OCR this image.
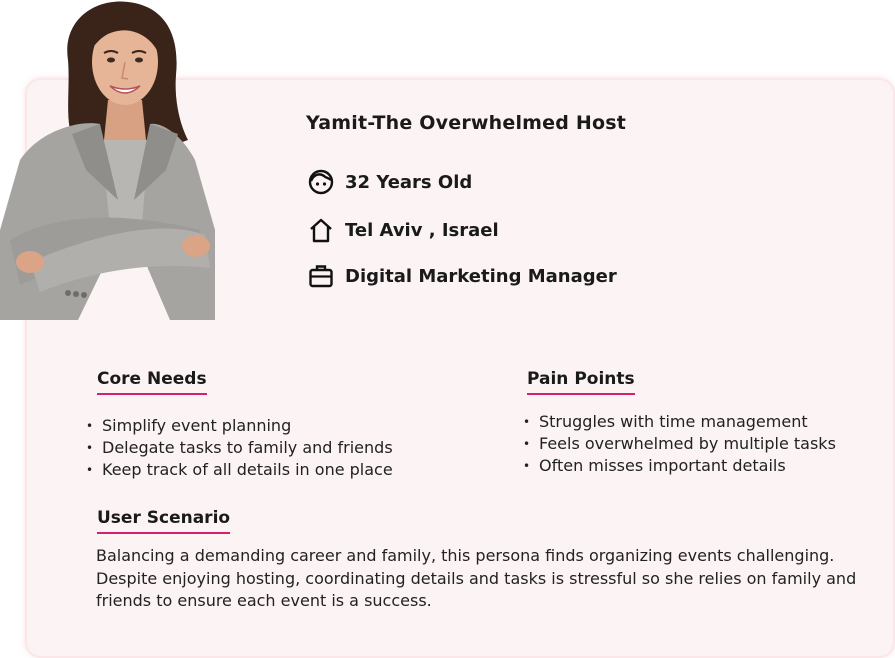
Yamit-The Overwhelmed Host
32 Years Old
Tel Aviv , Israel
Digital Marketing Manager
Core Needs
• Simplify event planning
• Delegate tasks to family and friends
• Keep track of all details in one place
Pain Points
• Struggles with time management
• Feels overwhelmed by multiple tasks
• Often misses important details
User Scenario
Balancing a demanding career and family, this persona finds organizing events challenging. Despite enjoying hosting, coordinating details and tasks is stressful so she relies on family and friends to ensure each event is a success.
